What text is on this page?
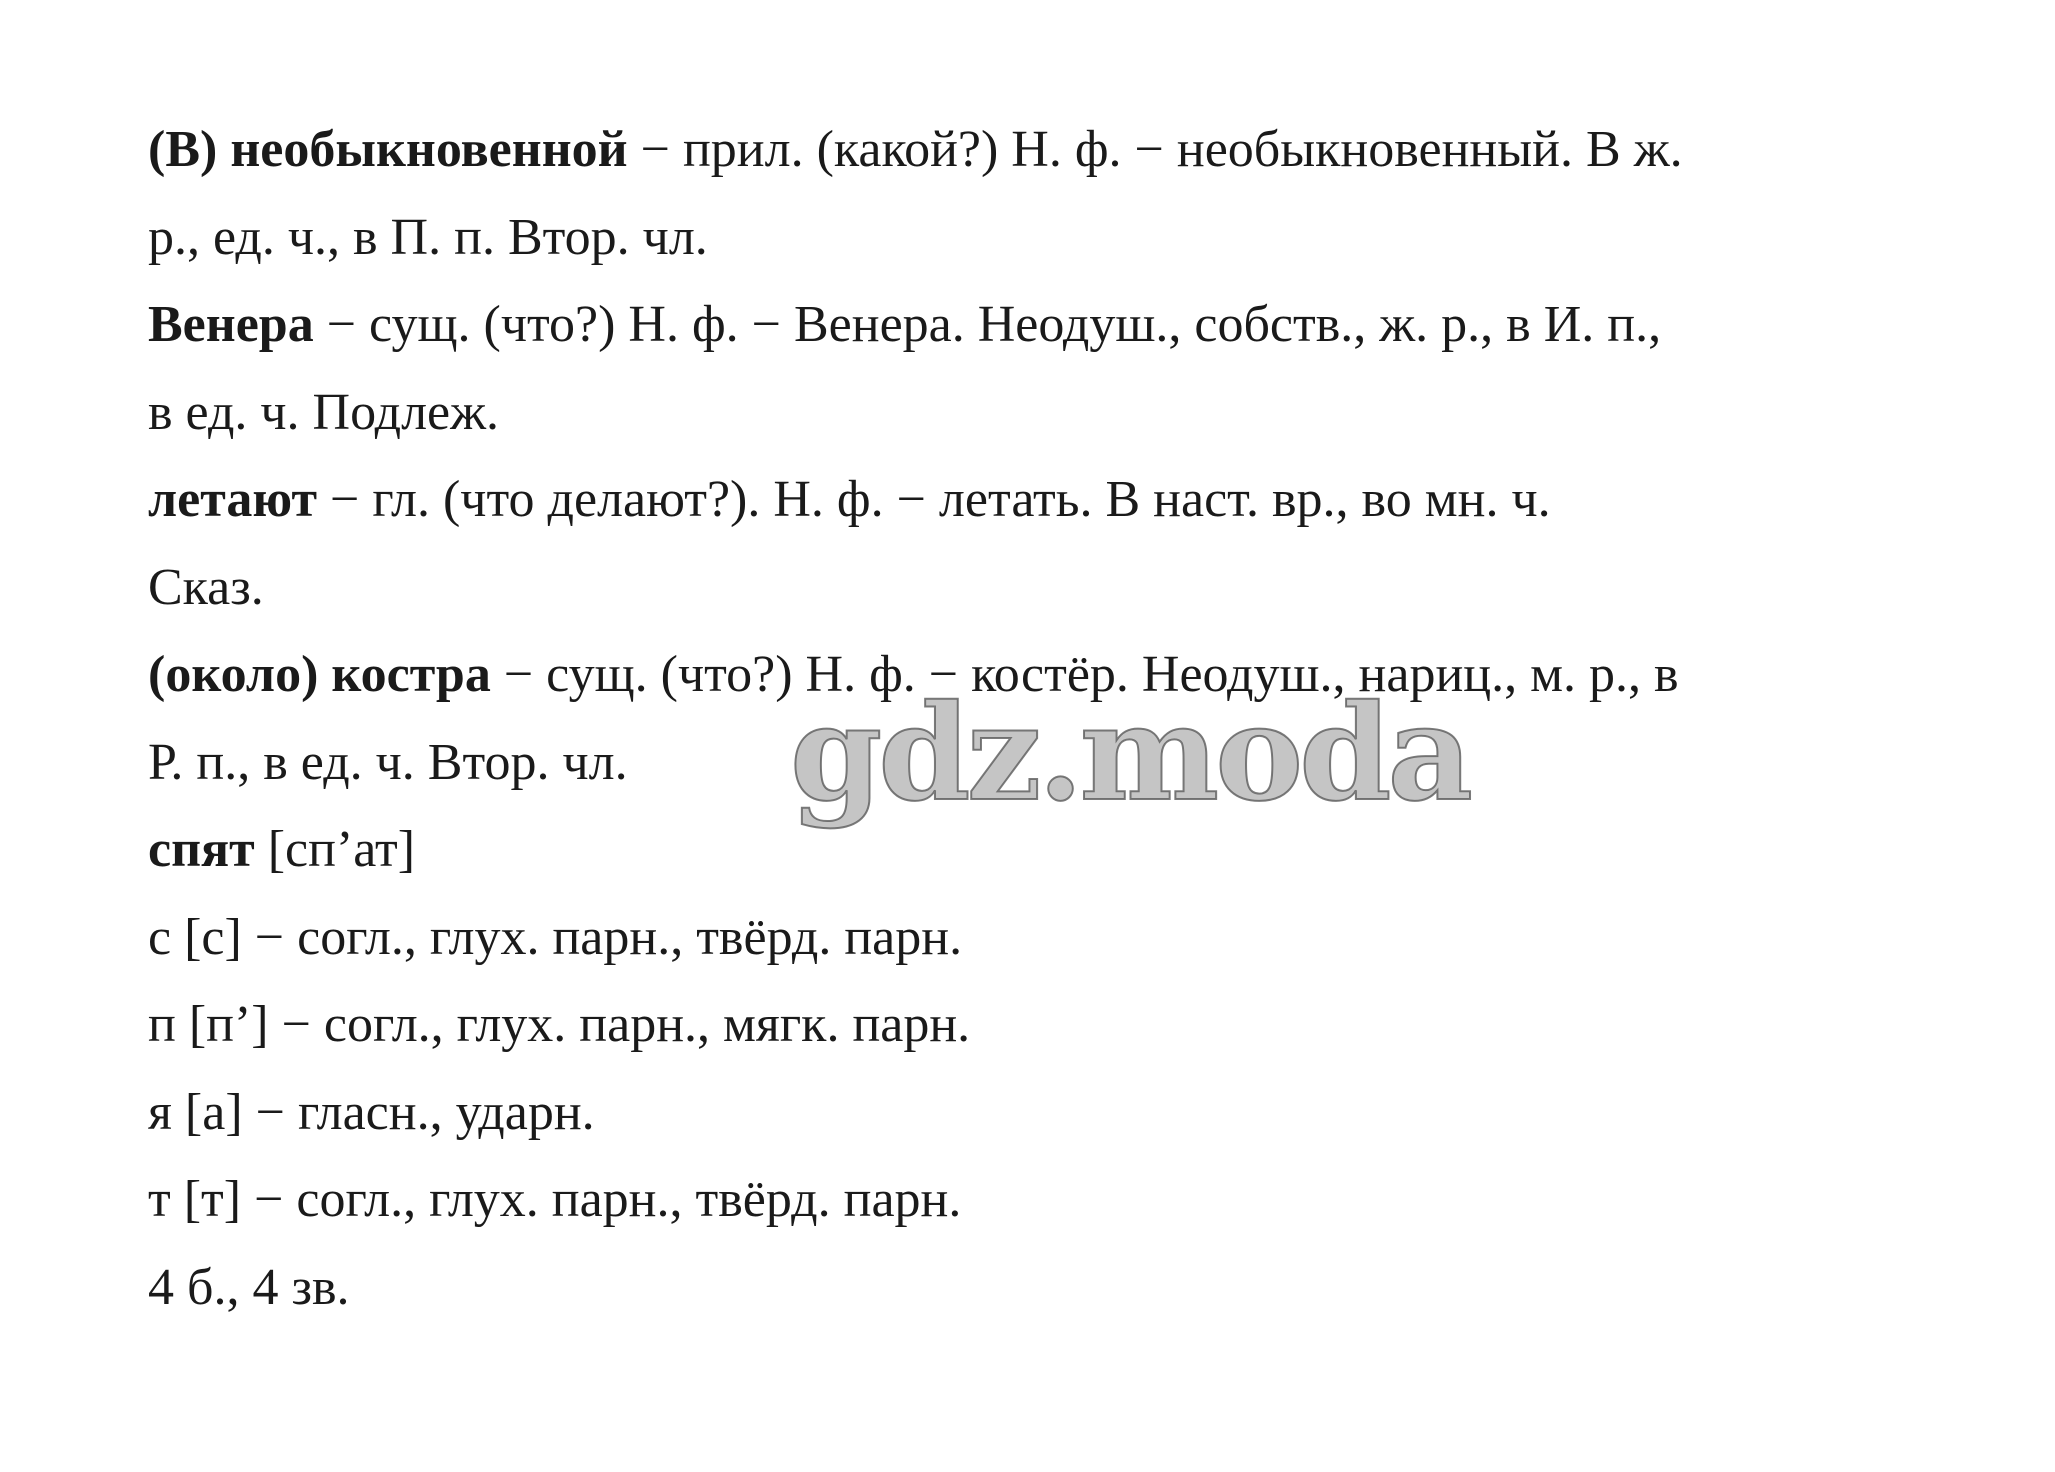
(В) необыкновенной − прил. (какой?) Н. ф. − необыкновенный. В ж.
р., ед. ч., в П. п. Втор. чл.
Венера − сущ. (что?) Н. ф. − Венера. Неодуш., собств., ж. р., в И. п.,
в ед. ч. Подлеж.
летают − гл. (что делают?). Н. ф. − летать. В наст. вр., во мн. ч.
Сказ.
(около) костра − сущ. (что?) Н. ф. − костёр. Неодуш., нариц., м. р., в
Р. п., в ед. ч. Втор. чл.
спят [сп’ат]
с [с] − согл., глух. парн., твёрд. парн.
п [п’] − согл., глух. парн., мягк. парн.
я [а] − гласн., ударн.
т [т] − согл., глух. парн., твёрд. парн.
4 б., 4 зв.
gdz.moda
